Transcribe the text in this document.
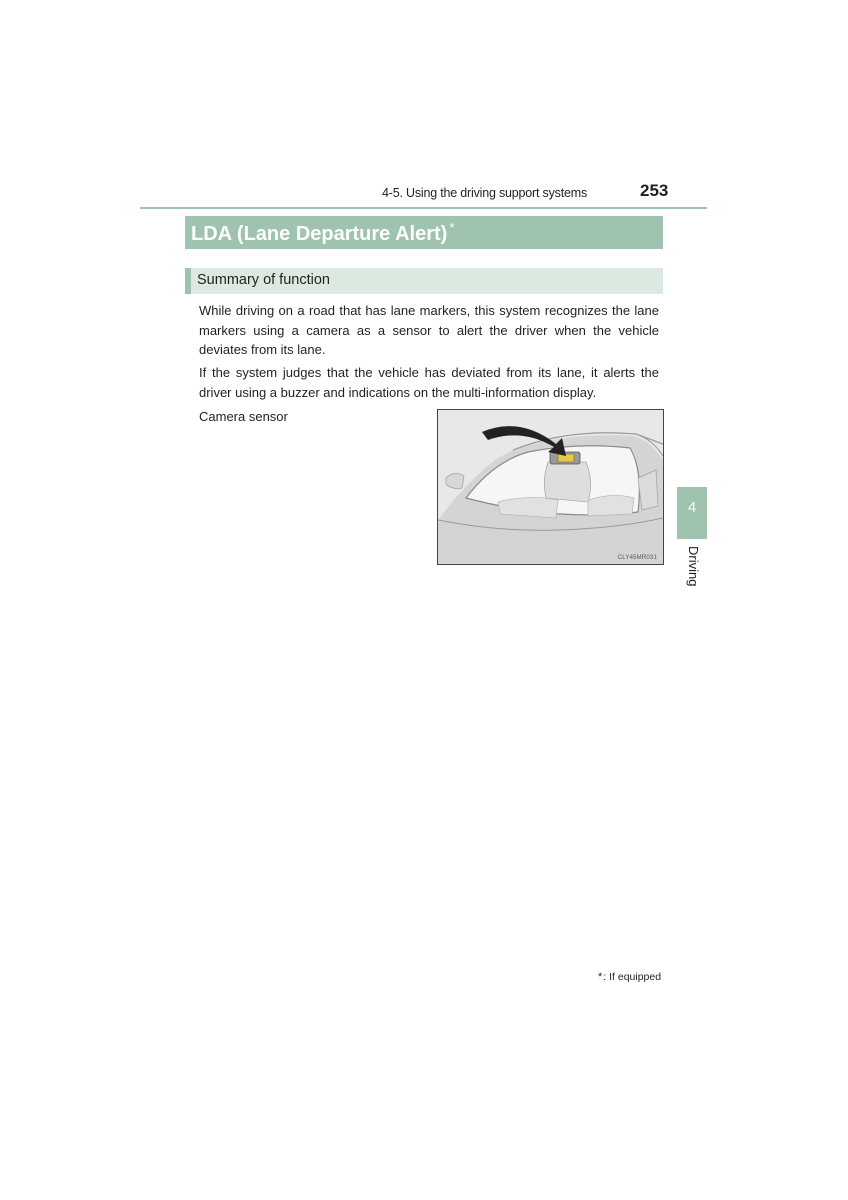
4-5. Using the driving support systems	253
LDA (Lane Departure Alert) *
Summary of function
While driving on a road that has lane markers, this system recognizes the lane markers using a camera as a sensor to alert the driver when the vehicle deviates from its lane.
If the system judges that the vehicle has deviated from its lane, it alerts the driver using a buzzer and indications on the multi-information display.
Camera sensor
CLY45MR031
4
Driving
*: If equipped
